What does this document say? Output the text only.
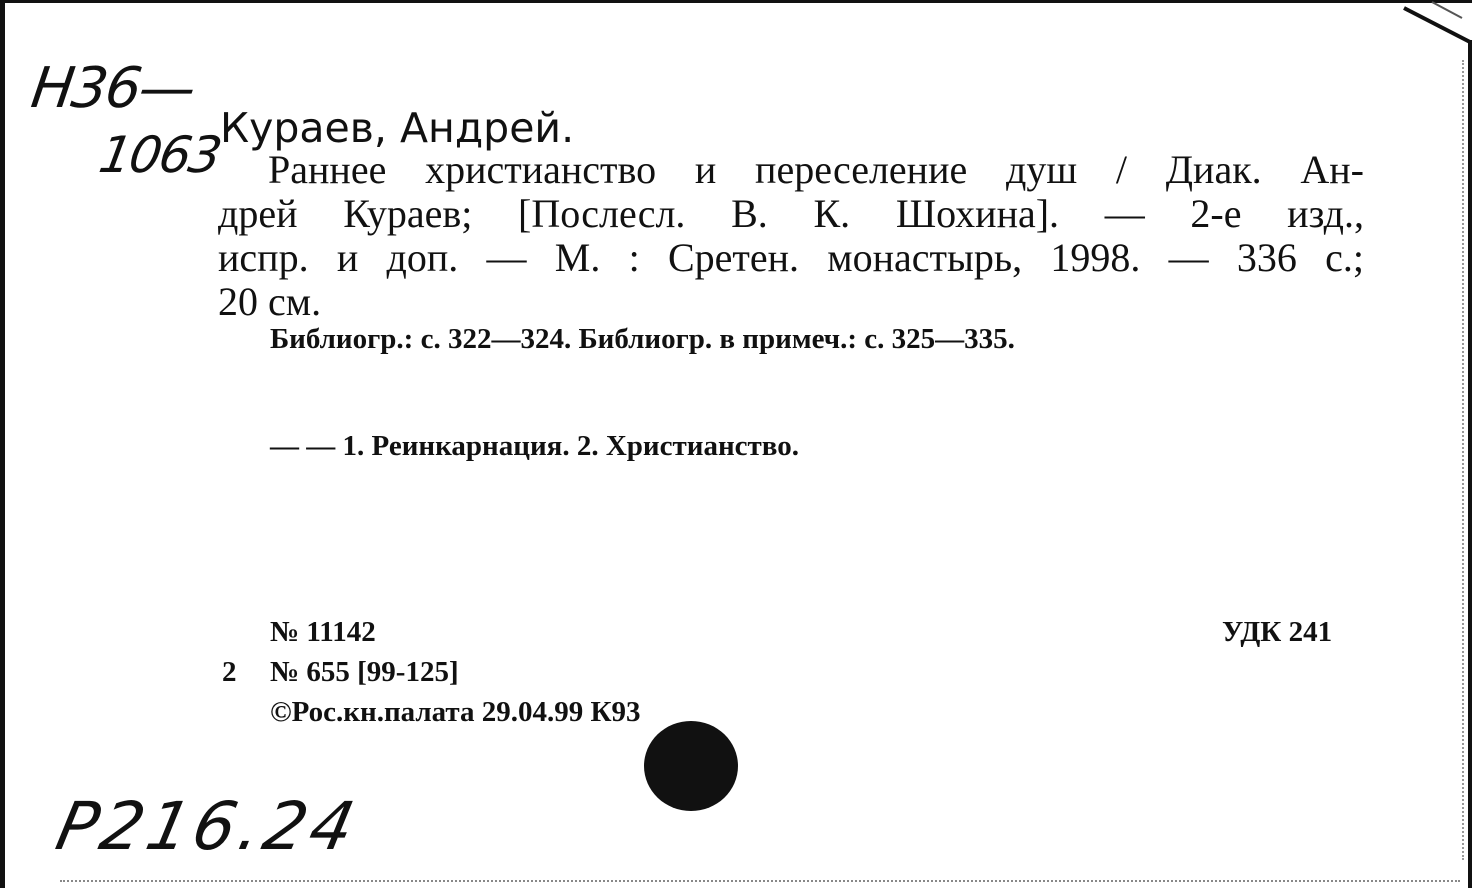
Н36—
1063
Р216.24
Кураев, Андрей.
Раннее христианство и переселение душ / Диак. Ан-
дрей Кураев; [Послесл. В. К. Шохина]. — 2-е изд.,
испр. и доп. — М. : Сретен. монастырь, 1998. — 336 с.;
20 см.
Библиогр.: с. 322—324. Библиогр. в примеч.: с. 325—335.
— — 1. Реинкарнация. 2. Христианство.
№ 11142
2 № 655 [99-125]
©Рос.кн.палата 29.04.99 К93
УДК 241
